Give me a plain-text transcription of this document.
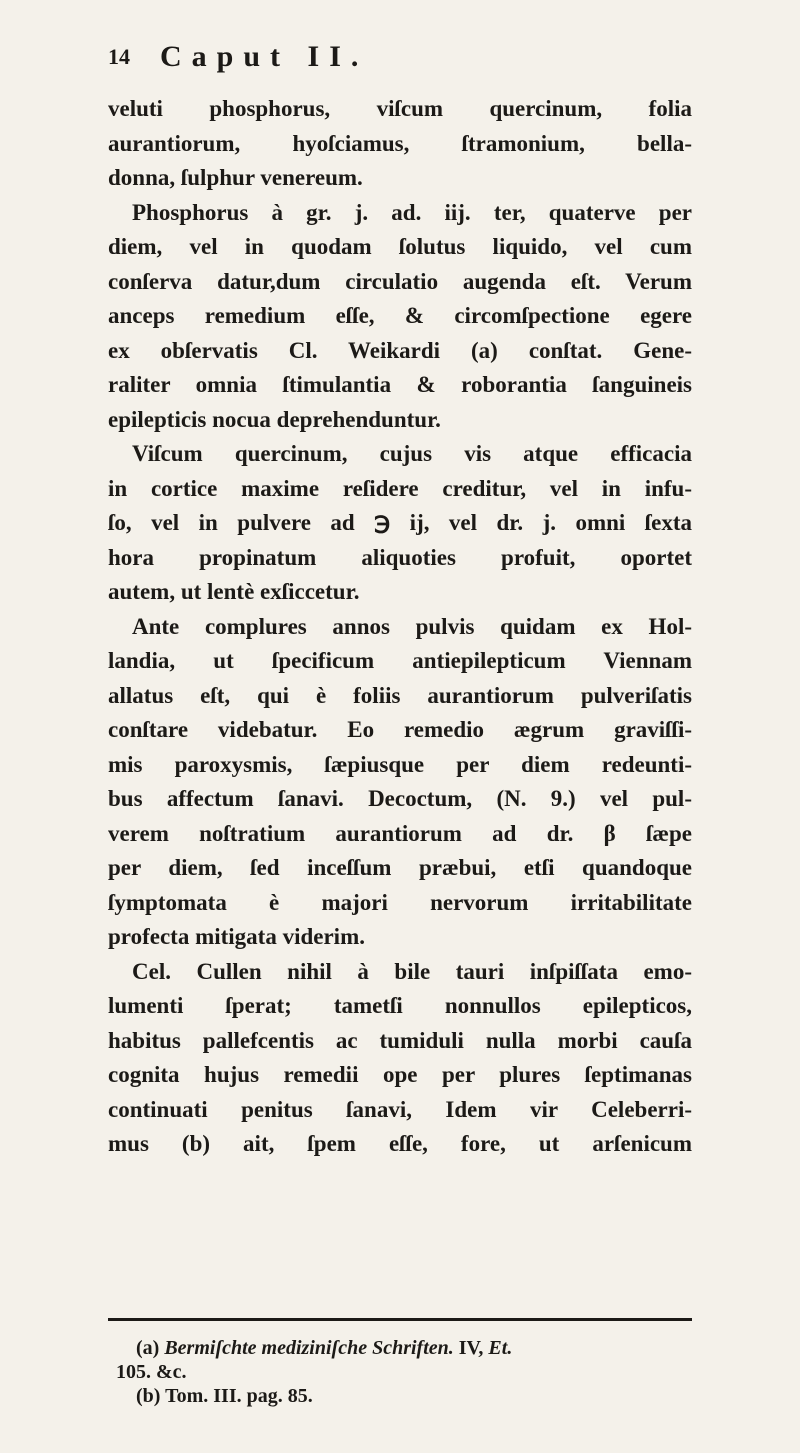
14 Caput II.
veluti phosphorus, viſcum quercinum, folia
aurantiorum, hyoſciamus, ſtramonium, bella-
donna, ſulphur venereum.
Phosphorus à gr. j. ad. iij. ter, quaterve per
diem, vel in quodam ſolutus liquido, vel cum
conſerva datur,dum circulatio augenda eſt. Verum
anceps remedium eſſe, & circomſpectione egere
ex obſervatis Cl. Weikardi (a) conſtat. Gene-
raliter omnia ſtimulantia & roborantia ſanguineis
epilepticis nocua deprehenduntur.
Viſcum quercinum, cujus vis atque efficacia
in cortice maxime reſidere creditur, vel in infu-
ſo, vel in pulvere ad ℈ ij, vel dr. j. omni ſexta
hora propinatum aliquoties profuit, oportet
autem, ut lentè exſiccetur.
Ante complures annos pulvis quidam ex Hol-
landia, ut ſpecificum antiepilepticum Viennam
allatus eſt, qui è foliis aurantiorum pulveriſatis
conſtare videbatur. Eo remedio ægrum graviſſi-
mis paroxysmis, ſæpiusque per diem redeunti-
bus affectum ſanavi. Decoctum, (N. 9.) vel pul-
verem noſtratium aurantiorum ad dr. β ſæpe
per diem, ſed inceſſum præbui, etſi quandoque
ſymptomata è majori nervorum irritabilitate
profecta mitigata viderim.
Cel. Cullen nihil à bile tauri inſpiſſata emo-
lumenti ſperat; tametſi nonnullos epilepticos,
habitus pallefcentis ac tumiduli nulla morbi cauſa
cognita hujus remedii ope per plures ſeptimanas
continuati penitus ſanavi, Idem vir Celeberri-
mus (b) ait, ſpem eſſe, fore, ut arſenicum
(a) Bermiſchte mediziniſche Schriften. IV, Et.
105. &c.
(b) Tom. III. pag. 85.
